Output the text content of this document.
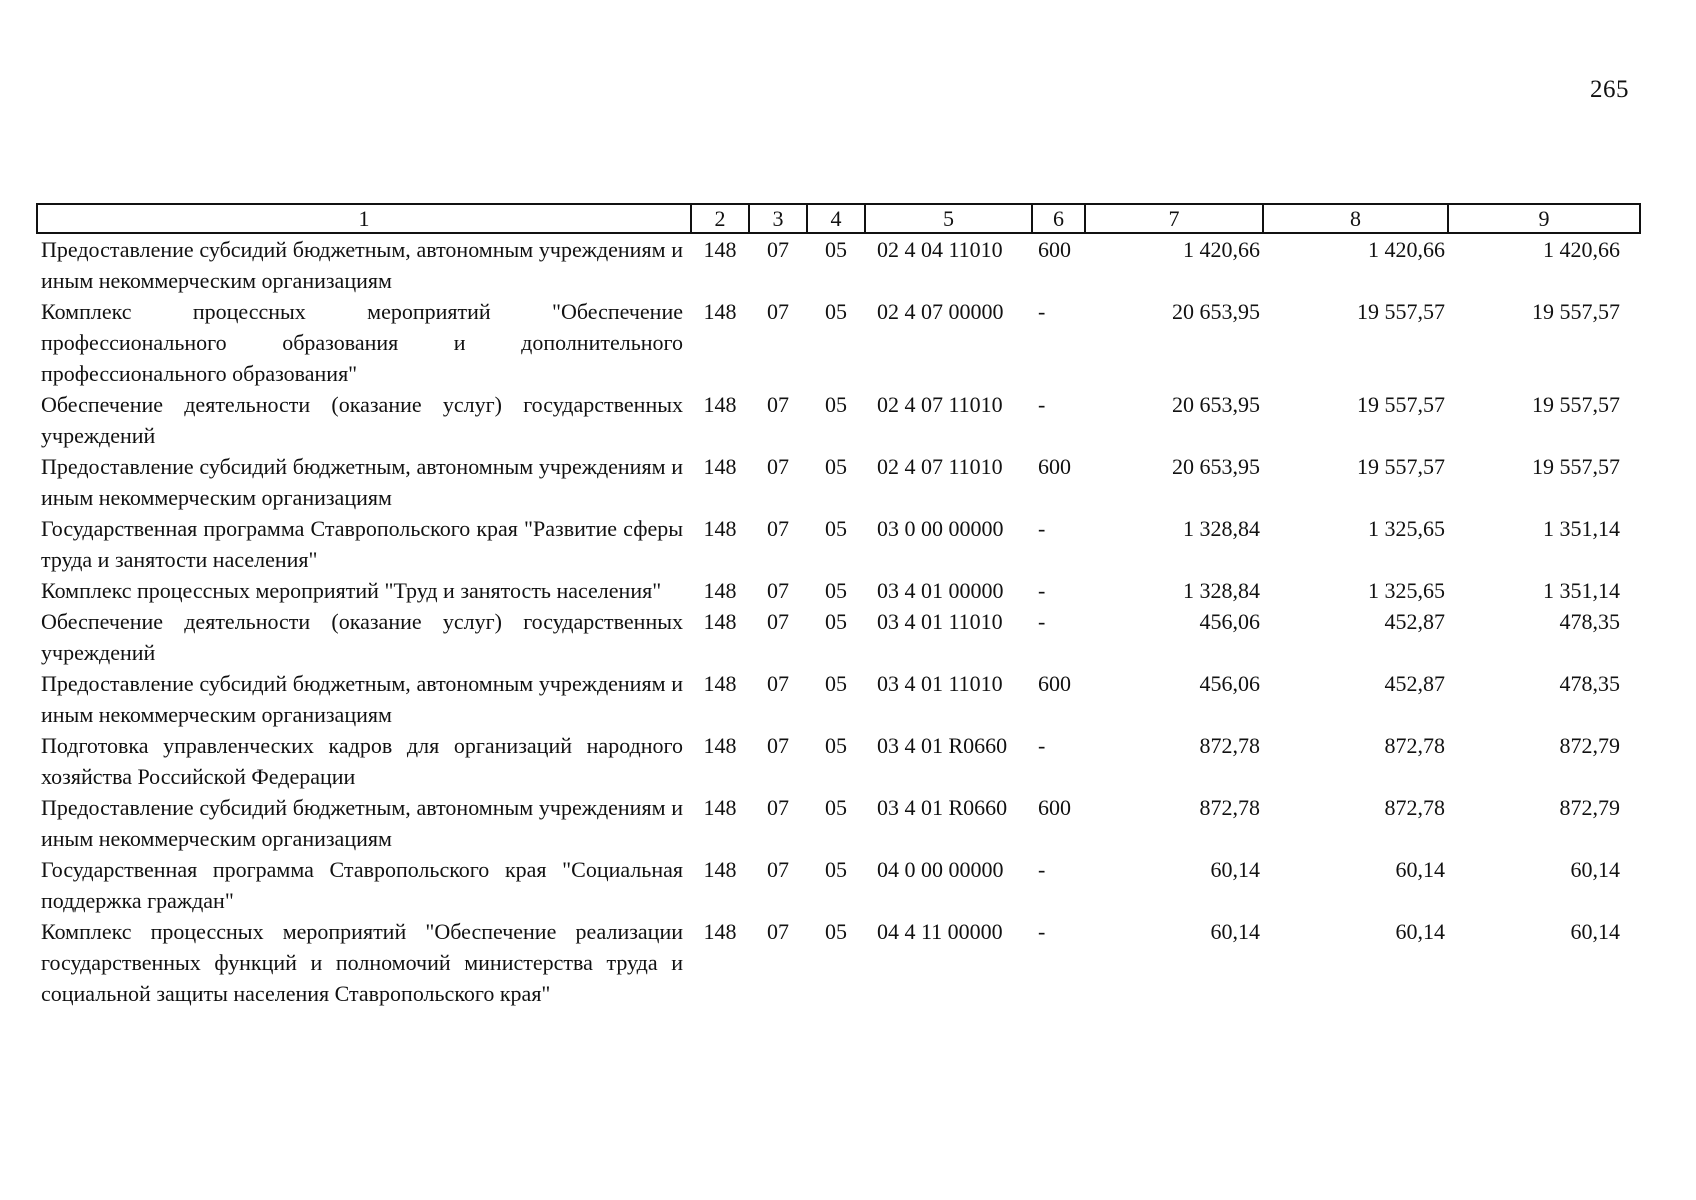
265
1	2	3	4	5	6	7	8	9
Предоставление субсидий бюджетным, автономным учреждениям и иным некоммерческим организациям	148	07	05	02 4 04 11010	600	1 420,66	1 420,66	1 420,66
Комплекс процессных мероприятий "Обеспечение профессионального образования и дополнительного профессионального образования"	148	07	05	02 4 07 00000	-	20 653,95	19 557,57	19 557,57
Обеспечение деятельности (оказание услуг) государственных учреждений	148	07	05	02 4 07 11010	-	20 653,95	19 557,57	19 557,57
Предоставление субсидий бюджетным, автономным учреждениям и иным некоммерческим организациям	148	07	05	02 4 07 11010	600	20 653,95	19 557,57	19 557,57
Государственная программа Ставропольского края "Развитие сферы труда и занятости населения"	148	07	05	03 0 00 00000	-	1 328,84	1 325,65	1 351,14
Комплекс процессных мероприятий "Труд и занятость населения"	148	07	05	03 4 01 00000	-	1 328,84	1 325,65	1 351,14
Обеспечение деятельности (оказание услуг) государственных учреждений	148	07	05	03 4 01 11010	-	456,06	452,87	478,35
Предоставление субсидий бюджетным, автономным учреждениям и иным некоммерческим организациям	148	07	05	03 4 01 11010	600	456,06	452,87	478,35
Подготовка управленческих кадров для организаций народного хозяйства Российской Федерации	148	07	05	03 4 01 R0660	-	872,78	872,78	872,79
Предоставление субсидий бюджетным, автономным учреждениям и иным некоммерческим организациям	148	07	05	03 4 01 R0660	600	872,78	872,78	872,79
Государственная программа Ставропольского края "Социальная поддержка граждан"	148	07	05	04 0 00 00000	-	60,14	60,14	60,14
Комплекс процессных мероприятий "Обеспечение реализации государственных функций и полномочий министерства труда и социальной защиты населения Ставропольского края"	148	07	05	04 4 11 00000	-	60,14	60,14	60,14
